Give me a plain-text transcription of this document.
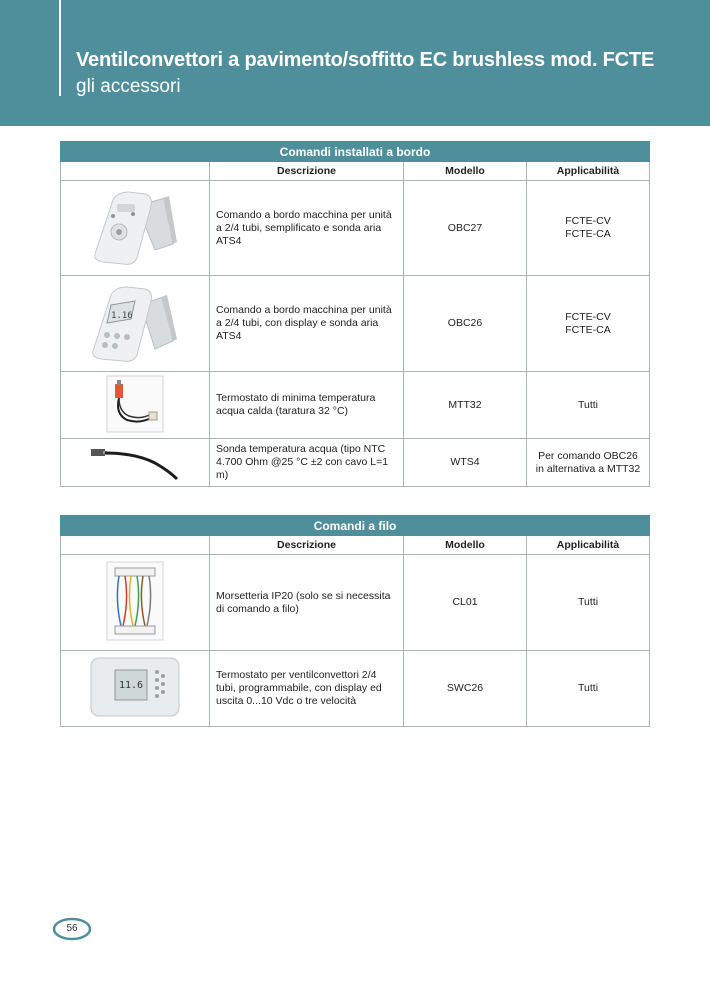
Ventilconvettori a pavimento/soffitto EC brushless mod. FCTE
gli accessori
Comandi installati a bordo			
	Descrizione	Modello	Applicabilità
	Comando a bordo macchina per unità a 2/4 tubi, semplificato e sonda aria ATS4	OBC27	FCTE-CV
FCTE-CA

1.16	Comando a bordo macchina per unità a 2/4 tubi, con display e sonda aria ATS4	OBC26	FCTE-CV
FCTE-CA

	Termostato di minima temperatura acqua calda (taratura 32 °C)	MTT32	Tutti

	Sonda temperatura acqua (tipo NTC 4.700 Ohm @25 °C ±2 con cavo L=1 m)	WTS4	Per comando OBC26
in alternativa a MTT32
Comandi a filo			
	Descrizione	Modello	Applicabilità
	Morsetteria IP20 (solo se si necessita di comando a filo)	CL01	Tutti

11.6	Termostato per ventilconvettori 2/4 tubi, programmabile, con display ed uscita 0...10 Vdc o tre velocità	SWC26	Tutti
56
